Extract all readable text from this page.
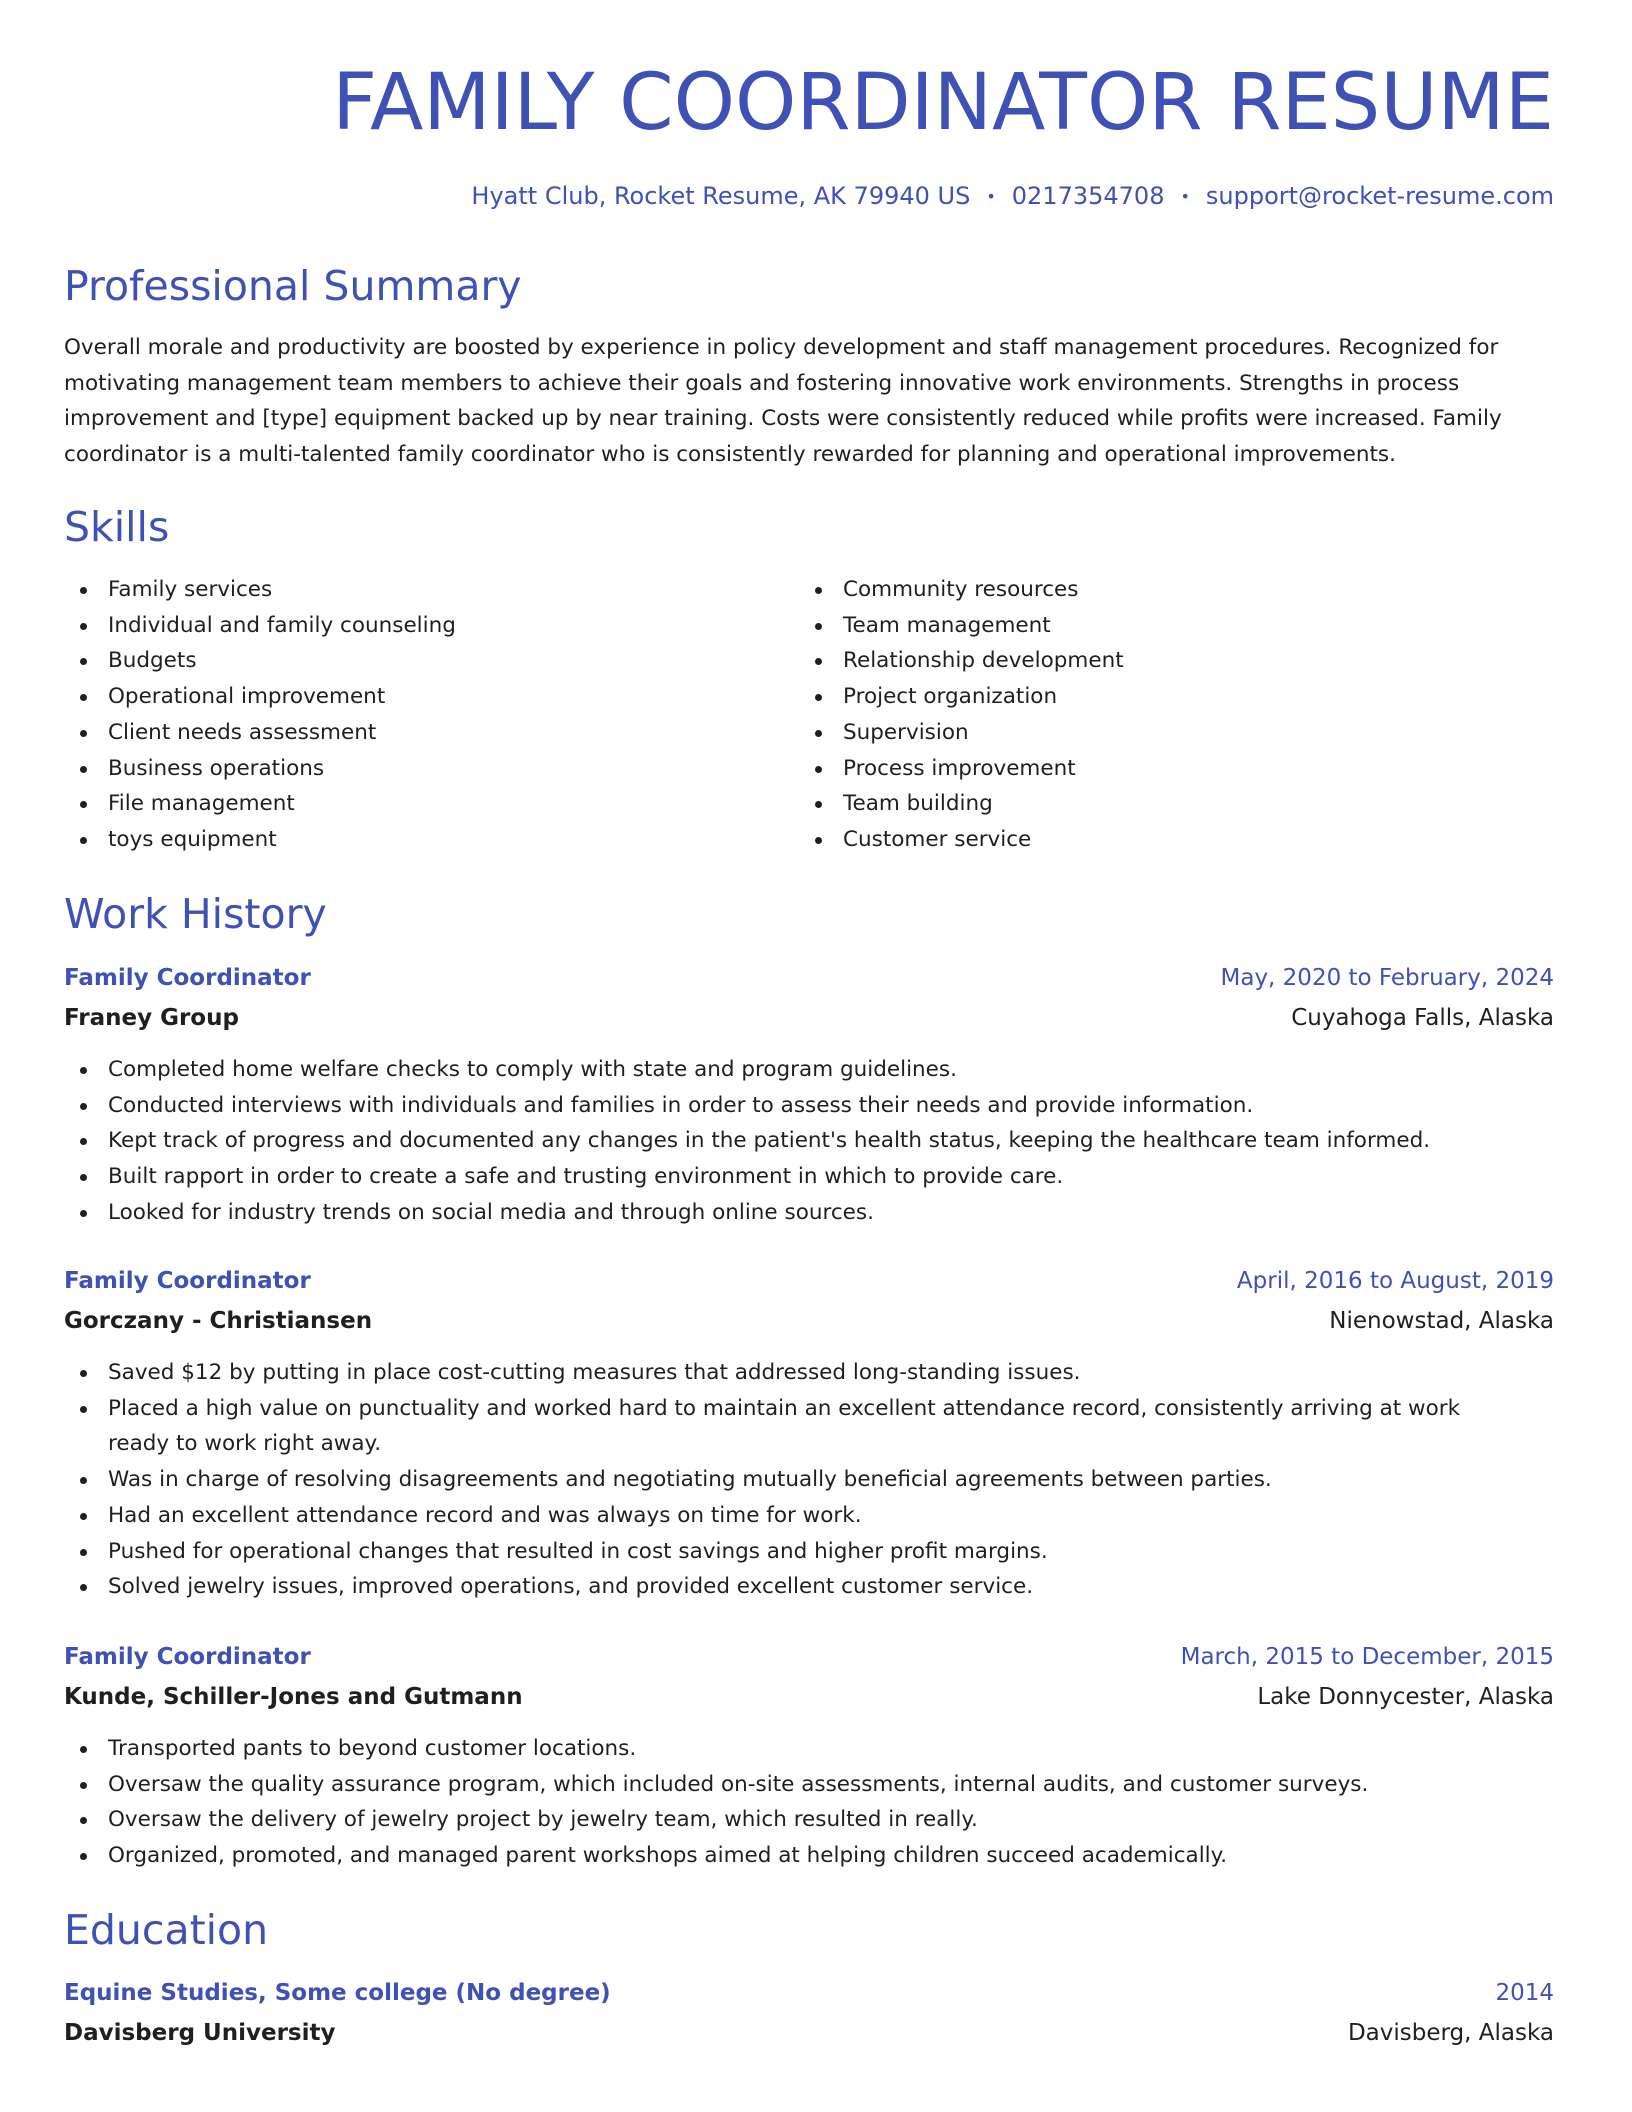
FAMILY COORDINATOR RESUME
Hyatt Club, Rocket Resume, AK 79940 US • 0217354708 • support@rocket-resume.com
Professional Summary

Overall morale and productivity are boosted by experience in policy development and staff management procedures. Recognized for motivating management team members to achieve their goals and fostering innovative work environments. Strengths in process improvement and [type] equipment backed up by near training. Costs were consistently reduced while profits were increased. Family coordinator is a multi-talented family coordinator who is consistently rewarded for planning and operational improvements.

Skills
Family services
Individual and family counseling
Budgets
Operational improvement
Client needs assessment
Business operations
File management
toys equipment
Community resources
Team management
Relationship development
Project organization
Supervision
Process improvement
Team building
Customer service
Work History
Family Coordinator	May, 2020 to February, 2024
Franey Group	Cuyahoga Falls, Alaska
Completed home welfare checks to comply with state and program guidelines.
Conducted interviews with individuals and families in order to assess their needs and provide information.
Kept track of progress and documented any changes in the patient's health status, keeping the healthcare team informed.
Built rapport in order to create a safe and trusting environment in which to provide care.
Looked for industry trends on social media and through online sources.
Family Coordinator	April, 2016 to August, 2019
Gorczany - Christiansen	Nienowstad, Alaska
Saved $12 by putting in place cost-cutting measures that addressed long-standing issues.
Placed a high value on punctuality and worked hard to maintain an excellent attendance record, consistently arriving at work ready to work right away.
Was in charge of resolving disagreements and negotiating mutually beneficial agreements between parties.
Had an excellent attendance record and was always on time for work.
Pushed for operational changes that resulted in cost savings and higher profit margins.
Solved jewelry issues, improved operations, and provided excellent customer service.
Family Coordinator	March, 2015 to December, 2015
Kunde, Schiller-Jones and Gutmann	Lake Donnycester, Alaska
Transported pants to beyond customer locations.
Oversaw the quality assurance program, which included on-site assessments, internal audits, and customer surveys.
Oversaw the delivery of jewelry project by jewelry team, which resulted in really.
Organized, promoted, and managed parent workshops aimed at helping children succeed academically.
Education
Equine Studies, Some college (No degree)	2014
Davisberg University	Davisberg, Alaska
